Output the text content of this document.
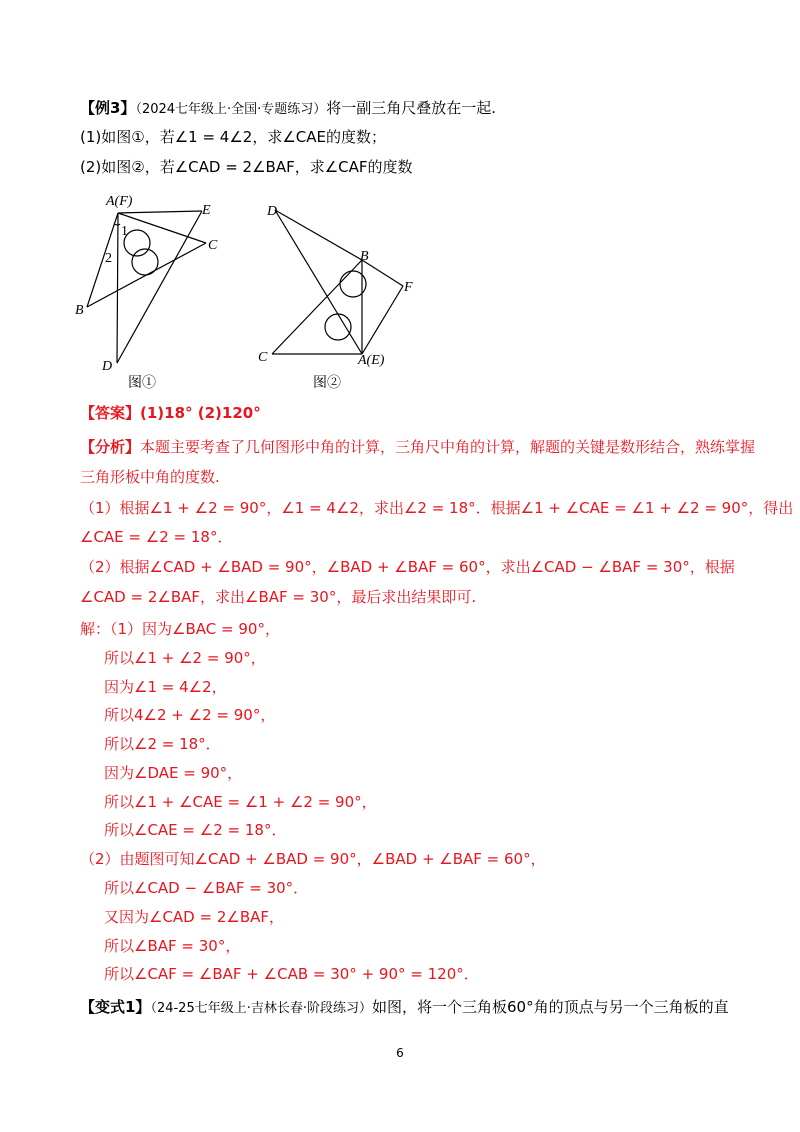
【例3】（2024七年级上·全国·专题练习）将一副三角尺叠放在一起.
(1)如图①，若∠1 = 4∠2，求∠CAE的度数；
(2)如图②，若∠CAD = 2∠BAF，求∠CAF的度数
A(F)
E
C
B
D
1
2
图①
D
B
F
C	A(E)
图②
【答案】(1)18° (2)120°
【分析】本题主要考查了几何图形中角的计算，三角尺中角的计算，解题的关键是数形结合，熟练掌握
三角形板中角的度数.
（1）根据∠1 + ∠2 = 90°，∠1 = 4∠2，求出∠2 = 18°．根据∠1 + ∠CAE = ∠1 + ∠2 = 90°，得出
∠CAE = ∠2 = 18°．
（2）根据∠CAD + ∠BAD = 90°，∠BAD + ∠BAF = 60°，求出∠CAD − ∠BAF = 30°，根据
∠CAD = 2∠BAF，求出∠BAF = 30°，最后求出结果即可.
解：（1）因为∠BAC = 90°，
所以∠1 + ∠2 = 90°，
因为∠1 = 4∠2，
所以4∠2 + ∠2 = 90°，
所以∠2 = 18°．
因为∠DAE = 90°，
所以∠1 + ∠CAE = ∠1 + ∠2 = 90°，
所以∠CAE = ∠2 = 18°．
（2）由题图可知∠CAD + ∠BAD = 90°，∠BAD + ∠BAF = 60°，
所以∠CAD − ∠BAF = 30°．
又因为∠CAD = 2∠BAF，
所以∠BAF = 30°，
所以∠CAF = ∠BAF + ∠CAB = 30° + 90° = 120°．
【变式1】（24-25七年级上·吉林长春·阶段练习）如图，将一个三角板60°角的顶点与另一个三角板的直
6
